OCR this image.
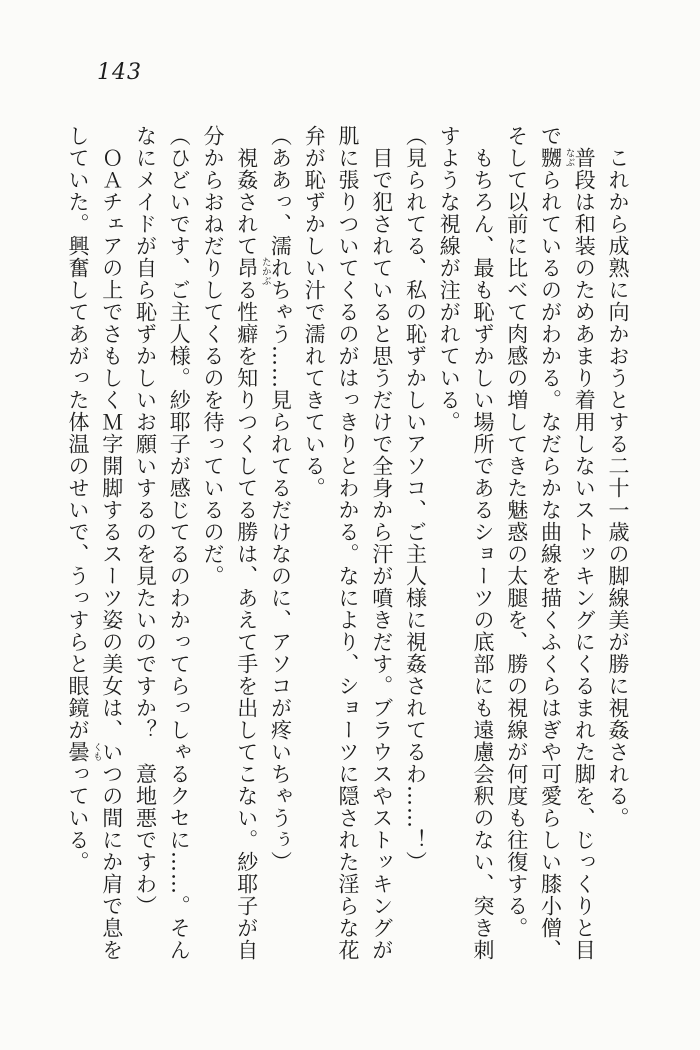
143
これから成熟に向かおうとする二十一歳の脚線美が勝に視姦される。
普段は和装のためあまり着用しないストッキングにくるまれた脚を、じっくりと目
で嬲られているのがわかる。なだらかな曲線を描くふくらはぎや可愛らしい膝小僧、 なぶ
そして以前に比べて肉感の増してきた魅惑の太腿を、勝の視線が何度も往復する。
もちろん、最も恥ずかしい場所であるショーツの底部にも遠慮会釈のない、突き刺
すような視線が注がれている。
（見られてる、私の恥ずかしいアソコ、ご主人様に視姦されてるわ……！）
目で犯されていると思うだけで全身から汗が噴きだす。ブラウスやストッキングが
肌に張りついてくるのがはっきりとわかる。なにより、ショーツに隠された淫らな花
弁が恥ずかしい汁で濡れてきている。
（ああっ、濡れちゃう……見られてるだけなのに、アソコが疼いちゃうぅ）
視姦されて昂る性癖を知りつくしてる勝は、あえて手を出してこない。紗耶子が自 たかぶ
分からおねだりしてくるのを待っているのだ。
（ひどいです、ご主人様。紗耶子が感じてるのわかってらっしゃるクセに……。そん
なにメイドが自ら恥ずかしいお願いするのを見たいのですか？　意地悪ですわ）
ＯＡチェアの上でさもしくＭ字開脚するスーツ姿の美女は、いつの間にか肩で息を
していた。興奮してあがった体温のせいで、うっすらと眼鏡が曇っている。 くも
